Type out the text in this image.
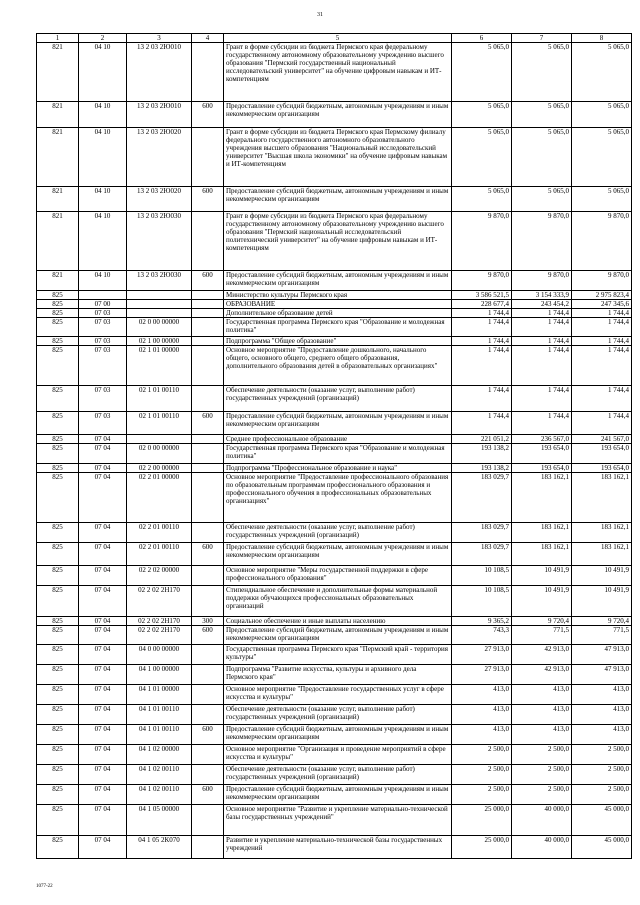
31
1	2	3	4	5	6	7	8
821	04 10	13 2 03 2Ю010		Грант в форме субсидии из бюджета Пермского края федеральному государственному автономному образовательному учреждению высшего образования "Пермский государственный национальный исследовательский университет" на обучение цифровым навыкам и ИТ-компетенциям	5 065,0	5 065,0	5 065,0
821	04 10	13 2 03 2Ю010	600	Предоставление субсидий бюджетным, автономным учреждениям и иным некоммерческим организациям	5 065,0	5 065,0	5 065,0
821	04 10	13 2 03 2Ю020		Грант в форме субсидии из бюджета Пермского края Пермскому филиалу федерального государственного автономного образовательного учреждения высшего образования "Национальный исследовательский университет "Высшая школа экономики" на обучение цифровым навыкам и ИТ-компетенциям	5 065,0	5 065,0	5 065,0
821	04 10	13 2 03 2Ю020	600	Предоставление субсидий бюджетным, автономным учреждениям и иным некоммерческим организациям	5 065,0	5 065,0	5 065,0
821	04 10	13 2 03 2Ю030		Грант в форме субсидии из бюджета Пермского края федеральному государственному автономному образовательному учреждению высшего образования "Пермский национальный исследовательский политехнический университет" на обучение цифровым навыкам и ИТ-компетенциям	9 870,0	9 870,0	9 870,0
821	04 10	13 2 03 2Ю030	600	Предоставление субсидий бюджетным, автономным учреждениям и иным некоммерческим организациям	9 870,0	9 870,0	9 870,0
825				Министерство культуры Пермского края	3 586 521,5	3 154 333,9	2 975 823,4
825	07 00			ОБРАЗОВАНИЕ	228 677,4	243 454,2	247 345,6
825	07 03			Дополнительное образование детей	1 744,4	1 744,4	1 744,4
825	07 03	02 0 00 00000		Государственная программа Пермского края "Образование и молодежная политика"	1 744,4	1 744,4	1 744,4
825	07 03	02 1 00 00000		Подпрограмма "Общее образование"	1 744,4	1 744,4	1 744,4
825	07 03	02 1 01 00000		Основное мероприятие "Предоставление дошкольного, начального общего, основного общего, среднего общего образования, дополнительного образования детей в образовательных организациях"	1 744,4	1 744,4	1 744,4
825	07 03	02 1 01 00110		Обеспечение деятельности (оказание услуг, выполнение работ) государственных учреждений (организаций)	1 744,4	1 744,4	1 744,4
825	07 03	02 1 01 00110	600	Предоставление субсидий бюджетным, автономным учреждениям и иным некоммерческим организациям	1 744,4	1 744,4	1 744,4
825	07 04			Среднее профессиональное образование	221 051,2	236 567,0	241 567,0
825	07 04	02 0 00 00000		Государственная программа Пермского края "Образование и молодежная политика"	193 138,2	193 654,0	193 654,0
825	07 04	02 2 00 00000		Подпрограмма "Профессиональное образование и наука"	193 138,2	193 654,0	193 654,0
825	07 04	02 2 01 00000		Основное мероприятие "Предоставление профессионального образования по образовательным программам профессионального образования и профессионального обучения в профессиональных образовательных организациях"	183 029,7	183 162,1	183 162,1
825	07 04	02 2 01 00110		Обеспечение деятельности (оказание услуг, выполнение работ) государственных учреждений (организаций)	183 029,7	183 162,1	183 162,1
825	07 04	02 2 01 00110	600	Предоставление субсидий бюджетным, автономным учреждениям и иным некоммерческим организациям	183 029,7	183 162,1	183 162,1
825	07 04	02 2 02 00000		Основное мероприятие "Меры государственной поддержки в сфере профессионального образования"	10 108,5	10 491,9	10 491,9
825	07 04	02 2 02 2Н170		Стипендиальное обеспечение и дополнительные формы материальной поддержки обучающихся профессиональных образовательных организаций	10 108,5	10 491,9	10 491,9
825	07 04	02 2 02 2Н170	300	Социальное обеспечение и иные выплаты населению	9 365,2	9 720,4	9 720,4
825	07 04	02 2 02 2Н170	600	Предоставление субсидий бюджетным, автономным учреждениям и иным некоммерческим организациям	743,3	771,5	771,5
825	07 04	04 0 00 00000		Государственная программа Пермского края "Пермский край - территория культуры"	27 913,0	42 913,0	47 913,0
825	07 04	04 1 00 00000		Подпрограмма "Развитие искусства, культуры и архивного дела Пермского края"	27 913,0	42 913,0	47 913,0
825	07 04	04 1 01 00000		Основное мероприятие "Предоставление государственных услуг в сфере искусства и культуры"	413,0	413,0	413,0
825	07 04	04 1 01 00110		Обеспечение деятельности (оказание услуг, выполнение работ) государственных учреждений (организаций)	413,0	413,0	413,0
825	07 04	04 1 01 00110	600	Предоставление субсидий бюджетным, автономным учреждениям и иным некоммерческим организациям	413,0	413,0	413,0
825	07 04	04 1 02 00000		Основное мероприятие "Организация и проведение мероприятий в сфере искусства и культуры"	2 500,0	2 500,0	2 500,0
825	07 04	04 1 02 00110		Обеспечение деятельности (оказание услуг, выполнение работ) государственных учреждений (организаций)	2 500,0	2 500,0	2 500,0
825	07 04	04 1 02 00110	600	Предоставление субсидий бюджетным, автономным учреждениям и иным некоммерческим организациям	2 500,0	2 500,0	2 500,0
825	07 04	04 1 05 00000		Основное мероприятие "Развитие и укрепление материально-технической базы государственных учреждений"	25 000,0	40 000,0	45 000,0
825	07 04	04 1 05 2К070		Развитие и укрепление материально-технической базы государственных учреждений	25 000,0	40 000,0	45 000,0
1077-22
